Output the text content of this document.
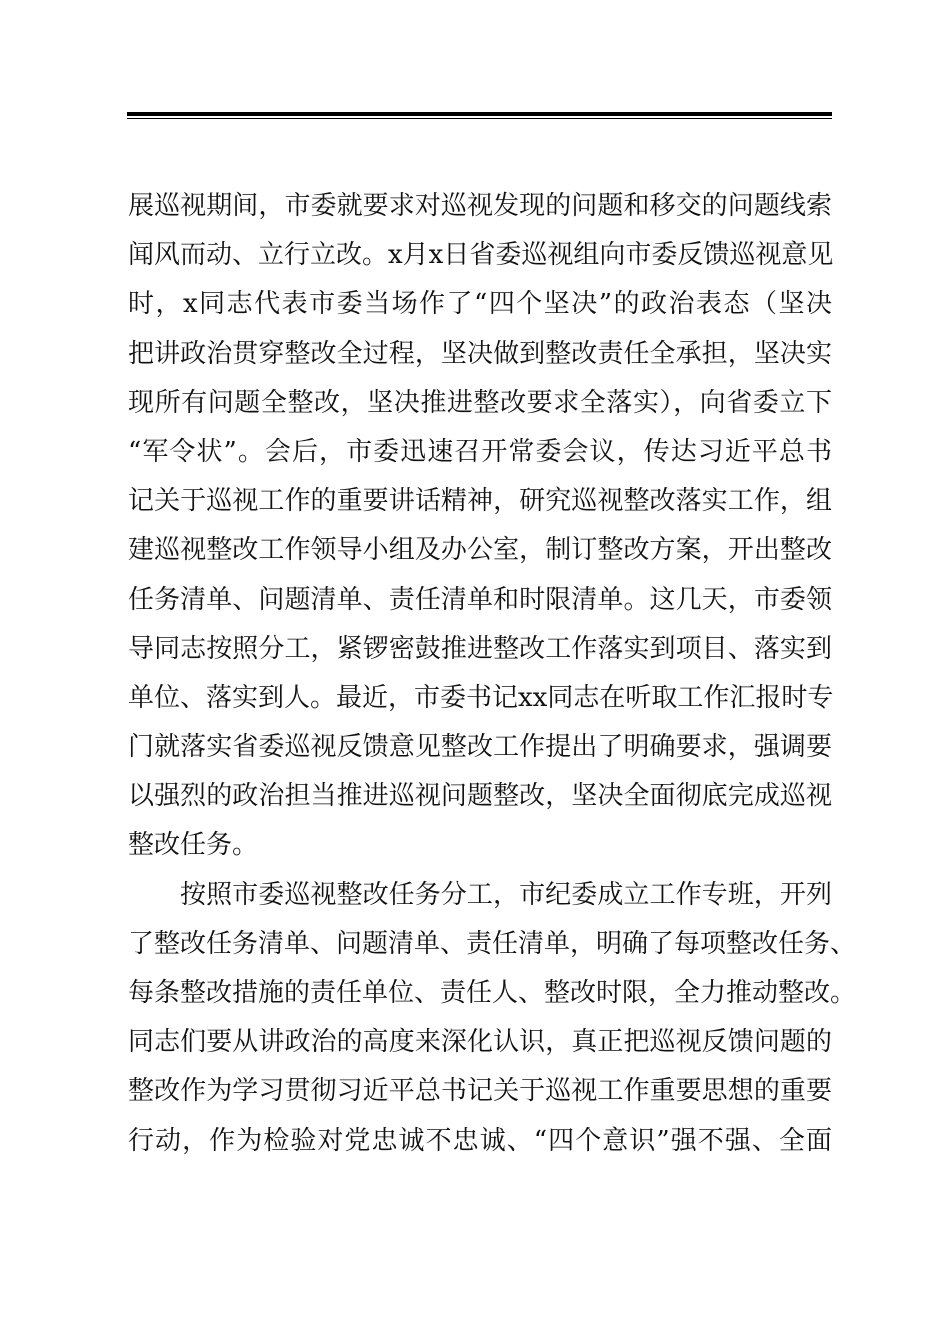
展巡视期间，市委就要求对巡视发现的问题和移交的问题线索
闻风而动、立行立改。x月x日省委巡视组向市委反馈巡视意见
时，x同志代表市委当场作了“四个坚决”的政治表态（坚决
把讲政治贯穿整改全过程，坚决做到整改责任全承担，坚决实
现所有问题全整改，坚决推进整改要求全落实），向省委立下
“军令状”。会后，市委迅速召开常委会议，传达习近平总书
记关于巡视工作的重要讲话精神，研究巡视整改落实工作，组
建巡视整改工作领导小组及办公室，制订整改方案，开出整改
任务清单、问题清单、责任清单和时限清单。这几天，市委领
导同志按照分工，紧锣密鼓推进整改工作落实到项目、落实到
单位、落实到人。最近，市委书记xx同志在听取工作汇报时专
门就落实省委巡视反馈意见整改工作提出了明确要求，强调要
以强烈的政治担当推进巡视问题整改，坚决全面彻底完成巡视
整改任务。
按照市委巡视整改任务分工，市纪委成立工作专班，开列
了整改任务清单、问题清单、责任清单，明确了每项整改任务、
每条整改措施的责任单位、责任人、整改时限，全力推动整改。
同志们要从讲政治的高度来深化认识，真正把巡视反馈问题的
整改作为学习贯彻习近平总书记关于巡视工作重要思想的重要
行动，作为检验对党忠诚不忠诚、“四个意识”强不强、全面
